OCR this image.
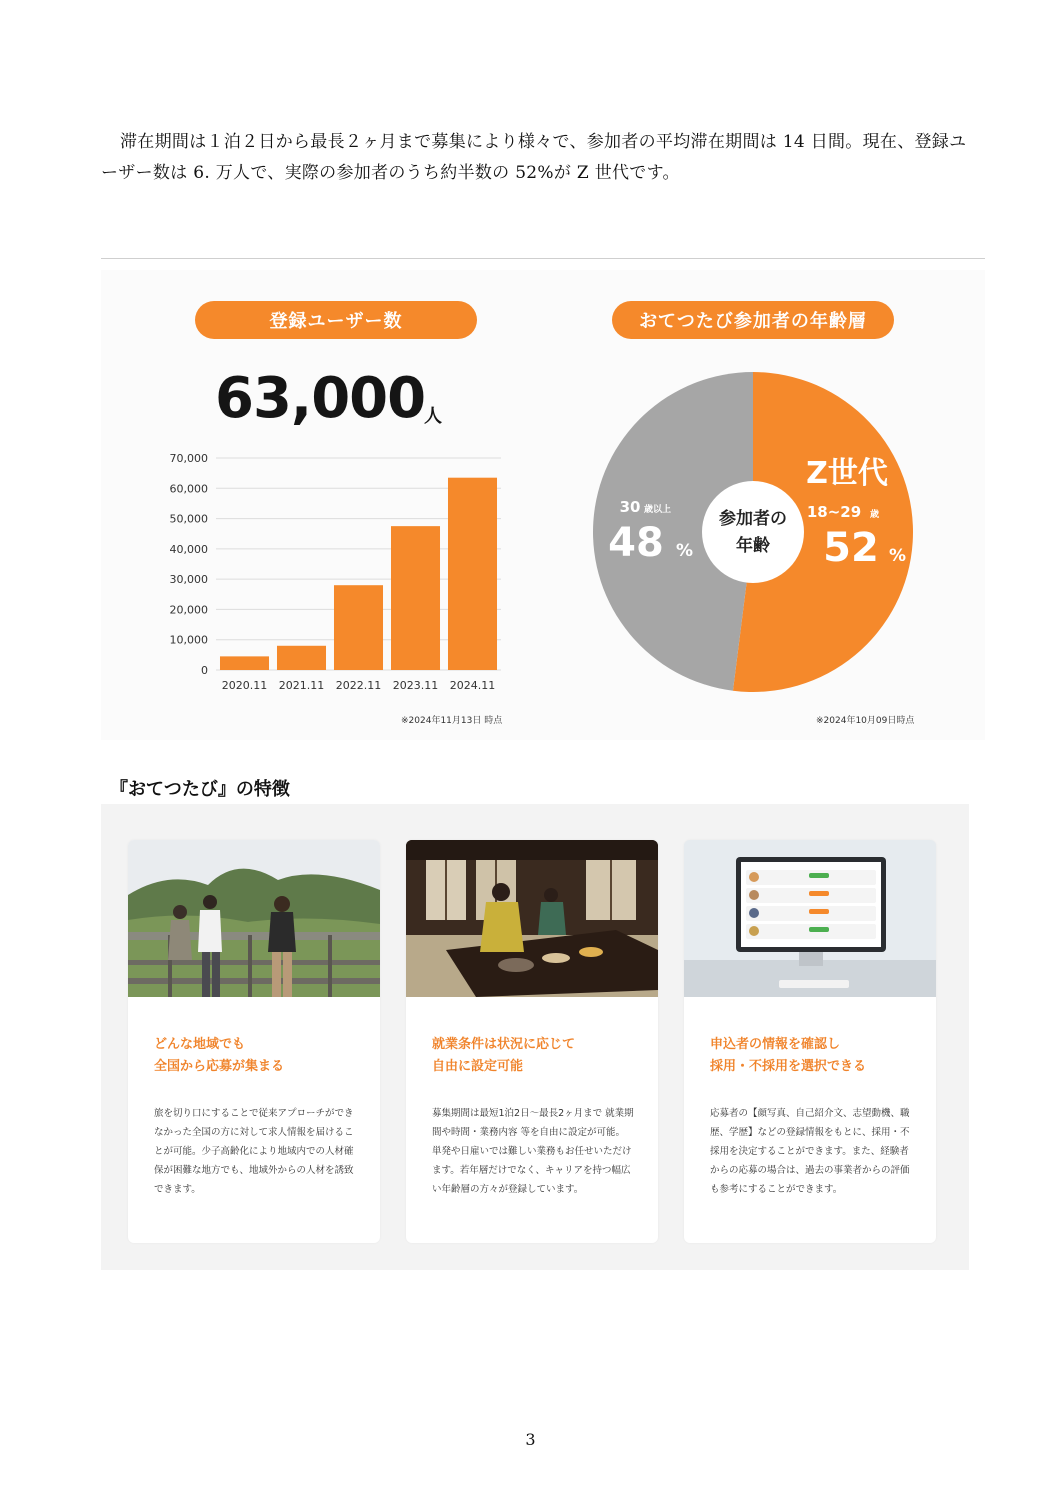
滞在期間は１泊２日から最長２ヶ月まで募集により様々で、参加者の平均滞在期間は 14 日間。現在、登録ユーザー数は 6. 万人で、実際の参加者のうち約半数の 52%が Z 世代です。

登録ユーザー数
63,000
人
0
10,000
20,000
30,000
40,000
50,000
60,000
70,000
2020.11 2021.11 2022.11 2023.11 2024.11
※2024年11月13日 時点
おてつたび参加者の年齢層
参加者の
年齢
Z世代
18~29 歳
52 %
30 歳以上
48 %
※2024年10月09日時点
『おてつたび』の特徴
どんな地域でも
全国から応募が集まる
旅を切り口にすることで従来アプローチができなかった全国の方に対して求人情報を届けることが可能。少子高齢化により地域内での人材確保が困難な地方でも、地域外からの人材を誘致できます。
就業条件は状況に応じて
自由に設定可能
募集期間は最短1泊2日〜最長2ヶ月まで 就業期間や時間・業務内容 等を自由に設定が可能。単発や日雇いでは難しい業務もお任せいただけます。若年層だけでなく、キャリアを持つ幅広い年齢層の方々が登録しています。
申込者の情報を確認し
採用・不採用を選択できる
応募者の【顔写真、自己紹介文、志望動機、職歴、学歴】などの登録情報をもとに、採用・不採用を決定することができます。また、経験者からの応募の場合は、過去の事業者からの評価も参考にすることができます。
3
